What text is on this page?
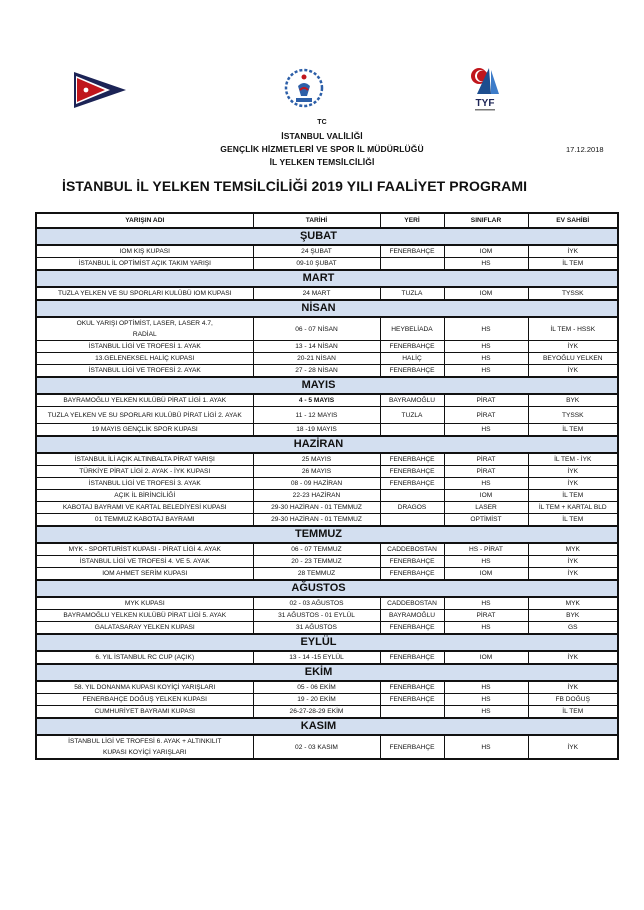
TYF
TC
İSTANBUL VALİLİĞİ
GENÇLİK HİZMETLERİ VE SPOR İL MÜDÜRLÜĞÜ
İL YELKEN TEMSİLCİLİĞİ
17.12.2018
İSTANBUL İL YELKEN TEMSİLCİLİĞİ 2019 YILI FAALİYET PROGRAMI
YARIŞIN ADI	TARİHİ	YERİ	SINIFLAR	EV SAHİBİ
ŞUBAT				
IOM KIŞ KUPASI	24 ŞUBAT	FENERBAHÇE	IOM	İYK
İSTANBUL İL OPTİMİST AÇIK TAKIM YARIŞI	09-10 ŞUBAT		HS	İL TEM
MART				
TUZLA YELKEN VE SU SPORLARI KULÜBÜ IOM KUPASI	24 MART	TUZLA	IOM	TYSSK
NİSAN				
OKUL YARIŞI OPTİMİST, LASER, LASER 4.7, RADİAL	06 - 07 NİSAN	HEYBELİADA	HS	İL TEM - HSSK
İSTANBUL LİGİ VE TROFESİ 1. AYAK	13 - 14 NİSAN	FENERBAHÇE	HS	İYK
13.GELENEKSEL HALİÇ KUPASI	20-21 NİSAN	HALİÇ	HS	BEYOĞLU YELKEN
İSTANBUL LİGİ VE TROFESİ 2. AYAK	27 - 28 NİSAN	FENERBAHÇE	HS	İYK
MAYIS				
BAYRAMOĞLU YELKEN KULÜBÜ PİRAT LİGİ 1. AYAK	4 - 5 MAYIS	BAYRAMOĞLU	PİRAT	BYK
TUZLA YELKEN VE SU SPORLARI KULÜBÜ PİRAT LİGİ 2. AYAK	11 - 12 MAYIS	TUZLA	PİRAT	TYSSK
19 MAYIS GENÇLİK SPOR KUPASI	18 -19 MAYIS		HS	İL TEM
HAZİRAN				
İSTANBUL İLİ AÇIK ALTINBALTA PİRAT YARIŞI	25 MAYIS	FENERBAHÇE	PİRAT	İL TEM - İYK
TÜRKİYE PİRAT LİGİ 2. AYAK - İYK KUPASI	26 MAYIS	FENERBAHÇE	PİRAT	İYK
İSTANBUL LİGİ VE TROFESİ 3. AYAK	08 - 09 HAZİRAN	FENERBAHÇE	HS	İYK
AÇIK İL BİRİNCİLİĞİ	22-23 HAZİRAN		IOM	İL TEM
KABOTAJ BAYRAMI VE KARTAL BELEDİYESİ KUPASI	29-30 HAZİRAN - 01 TEMMUZ	DRAGOS	LASER	İL TEM + KARTAL BLD
01 TEMMUZ KABOTAJ BAYRAMI	29-30 HAZİRAN - 01 TEMMUZ		OPTİMİST	İL TEM
TEMMUZ				
MYK - SPORTURİST KUPASI - PİRAT LİGİ 4. AYAK	06 - 07 TEMMUZ	CADDEBOSTAN	HS - PİRAT	MYK
İSTANBUL LİGİ VE TROFESİ 4. VE 5. AYAK	20 - 23 TEMMUZ	FENERBAHÇE	HS	İYK
IOM AHMET SERİM KUPASI	28 TEMMUZ	FENERBAHÇE	IOM	İYK
AĞUSTOS				
MYK KUPASI	02 - 03 AĞUSTOS	CADDEBOSTAN	HS	MYK
BAYRAMOĞLU YELKEN KULÜBÜ PİRAT LİGİ 5. AYAK	31 AĞUSTOS - 01 EYLÜL	BAYRAMOĞLU	PİRAT	BYK
GALATASARAY YELKEN KUPASI	31 AĞUSTOS	FENERBAHÇE	HS	GS
EYLÜL				
6. YIL İSTANBUL RC CUP (AÇIK)	13 - 14 -15 EYLÜL	FENERBAHÇE	IOM	İYK
EKİM				
58. YIL DONANMA KUPASI KOYİÇİ YARIŞLARI	05 - 06 EKİM	FENERBAHÇE	HS	İYK
FENERBAHÇE DOĞUŞ YELKEN KUPASI	19 - 20 EKİM	FENERBAHÇE	HS	FB DOĞUŞ
CUMHURİYET BAYRAMI KUPASI	26-27-28-29 EKİM		HS	İL TEM
KASIM				
İSTANBUL LİGİ VE TROFESİ 6. AYAK + ALTINKILIT KUPASI KOYİÇİ YARIŞLARI	02 - 03 KASIM	FENERBAHÇE	HS	İYK
